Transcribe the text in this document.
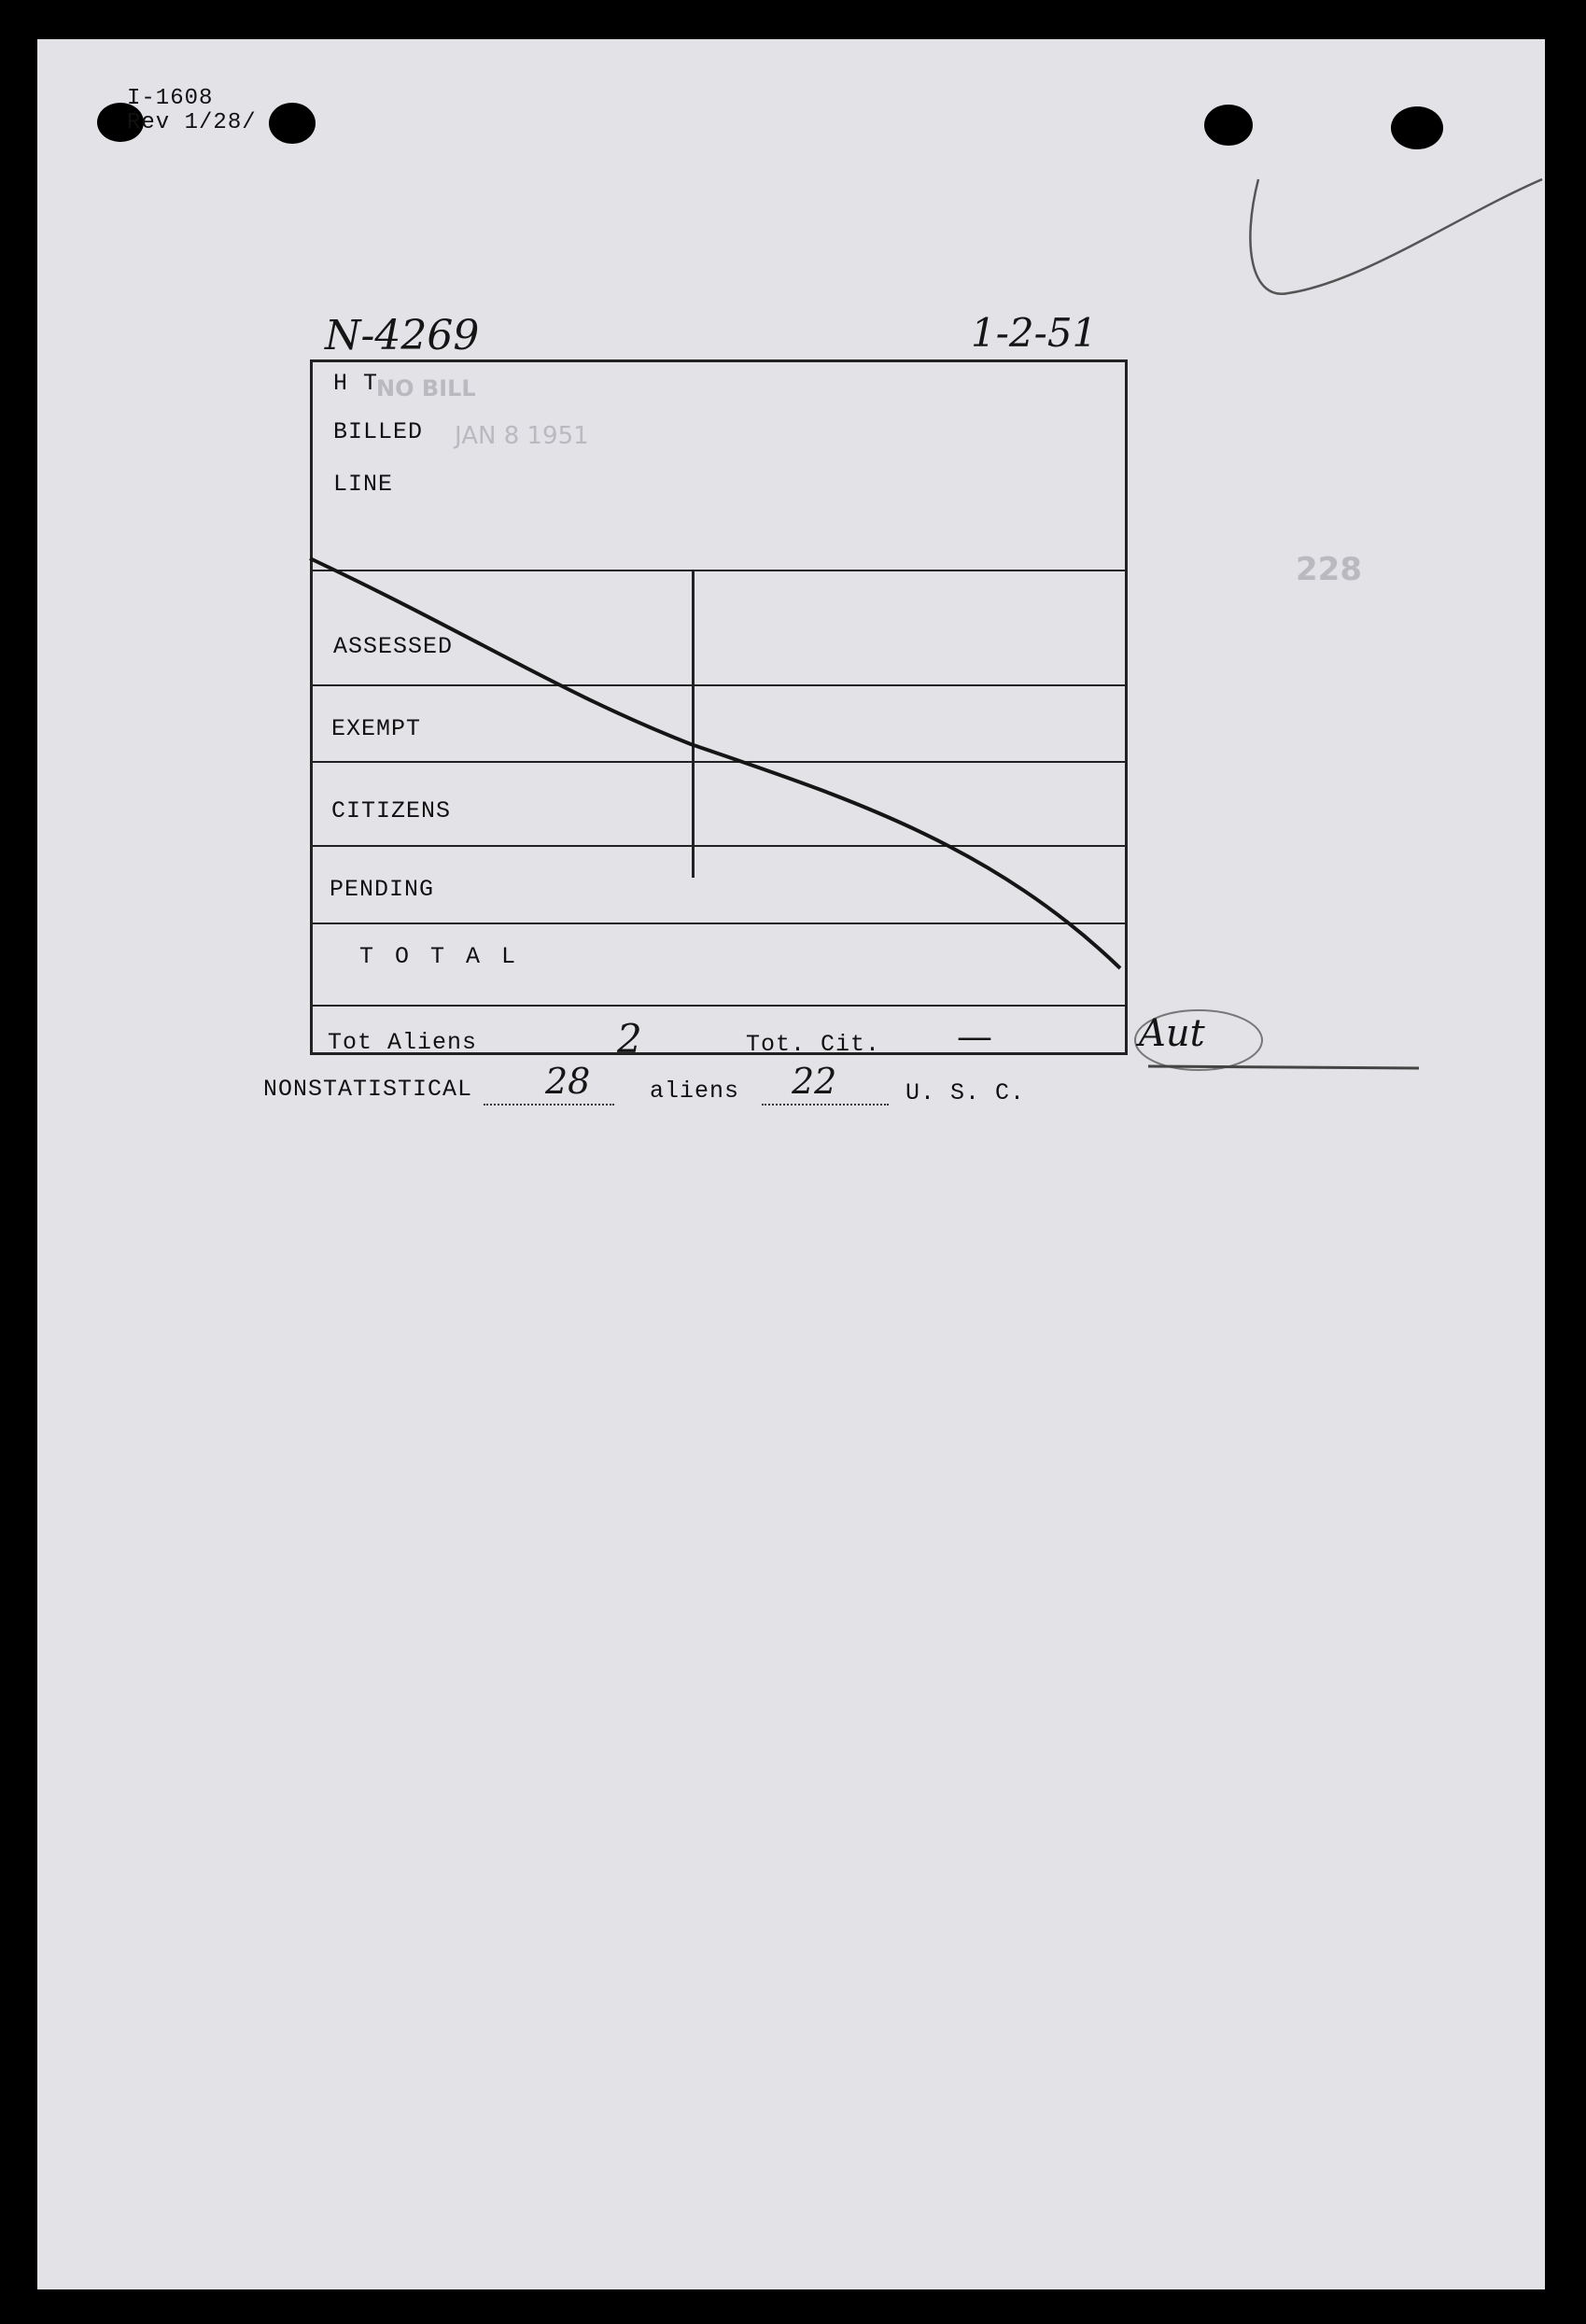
I-1608
Rev 1/28/
N-4269	1-2-51
228
H T
NO BILL
BILLED JAN 8 1951
LINE
ASSESSED
EXEMPT
CITIZENS
PENDING
T O T A L
Tot Aliens	2	Tot. Cit. —	Aut
NONSTATISTICAL 28	aliens 22	U. S. C.
